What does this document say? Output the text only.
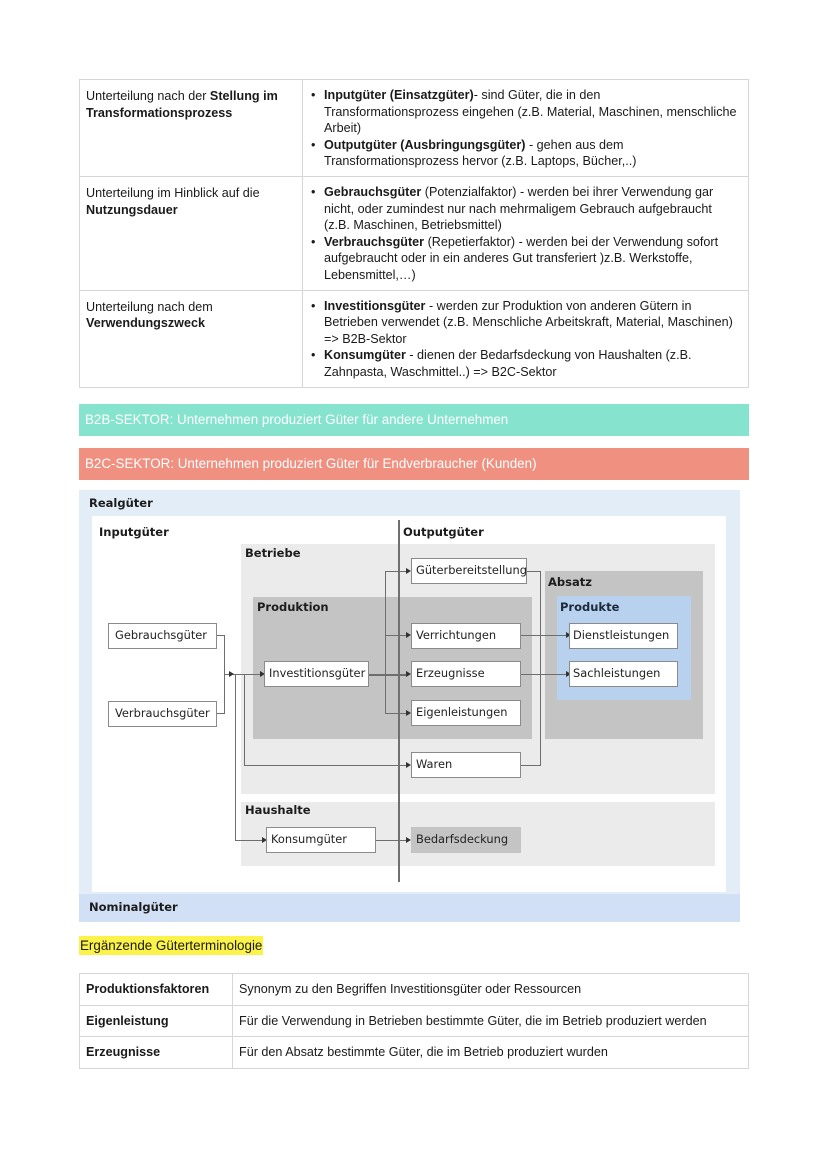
Unterteilung nach der Stellung im Transformationsprozess	
• Inputgüter (Einsatzgüter)- sind Güter, die in den Transformationsprozess eingehen (z.B. Material, Maschinen, menschliche Arbeit)
• Outputgüter (Ausbringungsgüter) - gehen aus dem Transformationsprozess hervor (z.B. Laptops, Bücher,..)

Unterteilung im Hinblick auf die Nutzungsdauer	
• Gebrauchsgüter (Potenzialfaktor) - werden bei ihrer Verwendung gar nicht, oder zumindest nur nach mehrmaligem Gebrauch aufgebraucht (z.B. Maschinen, Betriebsmittel)
• Verbrauchsgüter (Repetierfaktor) - werden bei der Verwendung sofort aufgebraucht oder in ein anderes Gut transferiert )z.B. Werkstoffe, Lebensmittel,…)

Unterteilung nach dem Verwendungszweck	
• Investitionsgüter - werden zur Produktion von anderen Gütern in Betrieben verwendet (z.B. Menschliche Arbeitskraft, Material, Maschinen) => B2B-Sektor
• Konsumgüter - dienen der Bedarfsdeckung von Haushalten (z.B. Zahnpasta, Waschmittel..) => B2C-Sektor
B2B-SEKTOR: Unternehmen produziert Güter für andere Unternehmen
B2C-SEKTOR: Unternehmen produziert Güter für Endverbraucher (Kunden)
Realgüter
Inputgüter	Outputgüter
Betriebe
Produktion
Absatz
Produkte
Haushalte
Gebrauchsgüter
Verbrauchsgüter
Investitionsgüter
Güterbereitstellung
Verrichtungen
Erzeugnisse
Eigenleistungen
Waren
Dienstleistungen
Sachleistungen
Konsumgüter	Bedarfsdeckung
Nominalgüter
Ergänzende Güterterminologie
Produktionsfaktoren	Synonym zu den Begriffen Investitionsgüter oder Ressourcen
Eigenleistung	Für die Verwendung in Betrieben bestimmte Güter, die im Betrieb produziert werden
Erzeugnisse	Für den Absatz bestimmte Güter, die im Betrieb produziert wurden
